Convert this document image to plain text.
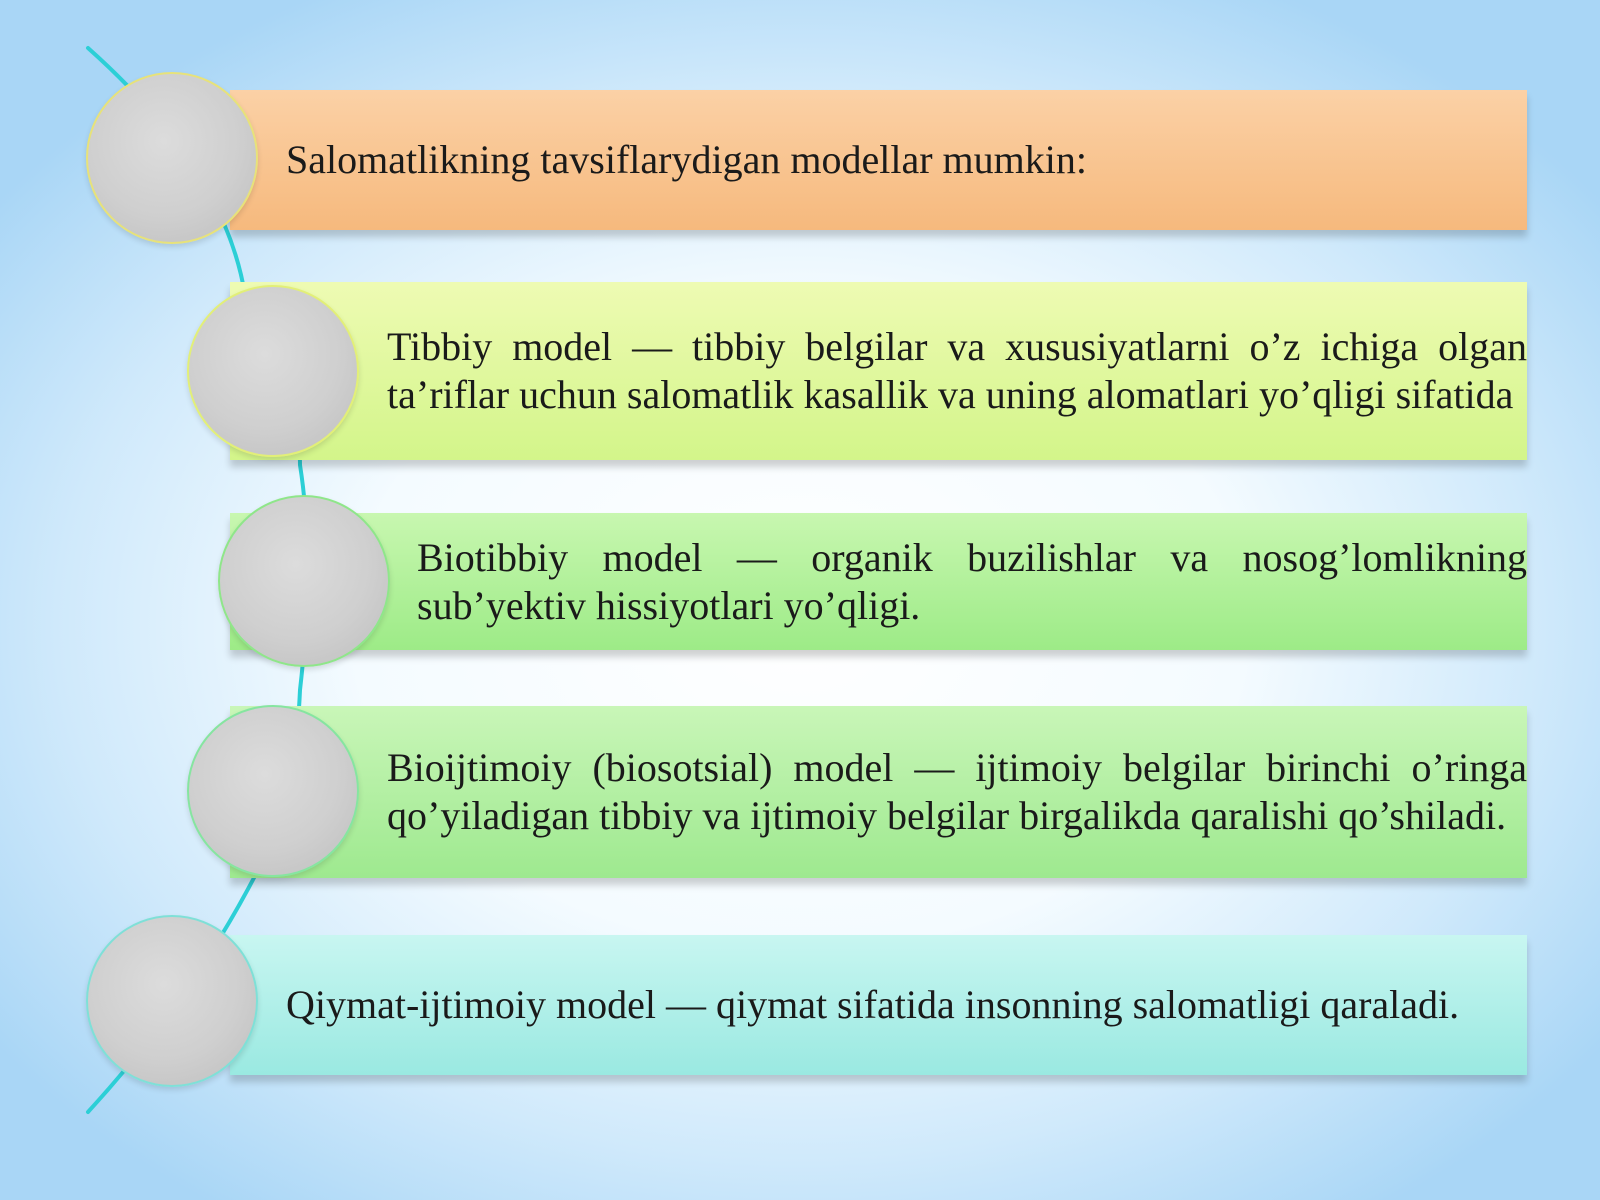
Salomatlikning tavsiflarydigan modellar mumkin:
Tibbiy model — tibbiy belgilar va xususiyatlarni o’z ichiga olgan ta’riflar uchun salomatlik kasallik va uning alomatlari yo’qligi sifatida
Biotibbiy model — organik buzilishlar va nosog’lomlikning sub’yektiv hissiyotlari yo’qligi.
Bioijtimoiy (biosotsial) model — ijtimoiy belgilar birinchi o’ringa qo’yiladigan tibbiy va ijtimoiy belgilar birgalikda qaralishi qo’shiladi.
Qiymat-ijtimoiy model — qiymat sifatida insonning salomatligi qaraladi.
